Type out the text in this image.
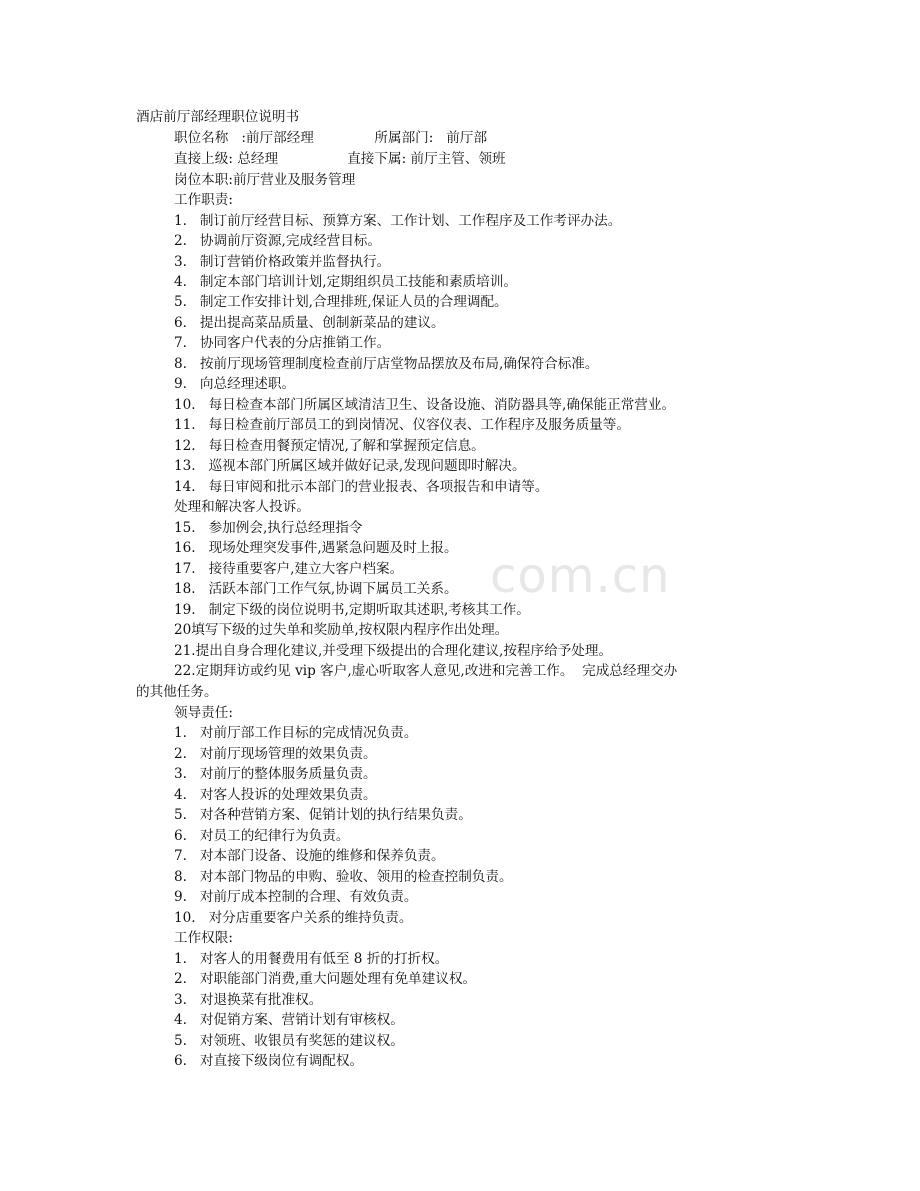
com.cn
酒店前厅部经理职位说明书
职位名称   :前厅部经理              所属部门:   前厅部
直接上级: 总经理                直接下属: 前厅主管、领班
岗位本职:前厅营业及服务管理
工作职责:
1.   制订前厅经营目标、预算方案、工作计划、工作程序及工作考评办法。
2.   协调前厅资源,完成经营目标。
3.   制订营销价格政策并监督执行。
4.   制定本部门培训计划,定期组织员工技能和素质培训。
5.   制定工作安排计划,合理排班,保证人员的合理调配。
6.   提出提高菜品质量、创制新菜品的建议。
7.   协同客户代表的分店推销工作。
8.   按前厅现场管理制度检查前厅店堂物品摆放及布局,确保符合标准。
9.   向总经理述职。
10.   每日检查本部门所属区域清洁卫生、设备设施、消防器具等,确保能正常营业。
11.   每日检查前厅部员工的到岗情况、仪容仪表、工作程序及服务质量等。
12.   每日检查用餐预定情况,了解和掌握预定信息。
13.   巡视本部门所属区域并做好记录,发现问题即时解决。
14.   每日审阅和批示本部门的营业报表、各项报告和申请等。
处理和解决客人投诉。
15.   参加例会,执行总经理指令
16.   现场处理突发事件,遇紧急问题及时上报。
17.   接待重要客户,建立大客户档案。
18.   活跃本部门工作气氛,协调下属员工关系。
19.   制定下级的岗位说明书,定期听取其述职,考核其工作。
20填写下级的过失单和奖励单,按权限内程序作出处理。
21.提出自身合理化建议,并受理下级提出的合理化建议,按程序给予处理。
22.定期拜访或约见 vip 客户,虚心听取客人意见,改进和完善工作。  完成总经理交办
的其他任务。
领导责任:
1.   对前厅部工作目标的完成情况负责。
2.   对前厅现场管理的效果负责。
3.   对前厅的整体服务质量负责。
4.   对客人投诉的处理效果负责。
5.   对各种营销方案、促销计划的执行结果负责。
6.   对员工的纪律行为负责。
7.   对本部门设备、设施的维修和保养负责。
8.   对本部门物品的申购、验收、领用的检查控制负责。
9.   对前厅成本控制的合理、有效负责。
10.   对分店重要客户关系的维持负责。
工作权限:
1.   对客人的用餐费用有低至 8 折的打折权。
2.   对职能部门消费,重大问题处理有免单建议权。
3.   对退换菜有批准权。
4.   对促销方案、营销计划有审核权。
5.   对领班、收银员有奖惩的建议权。
6.   对直接下级岗位有调配权。
